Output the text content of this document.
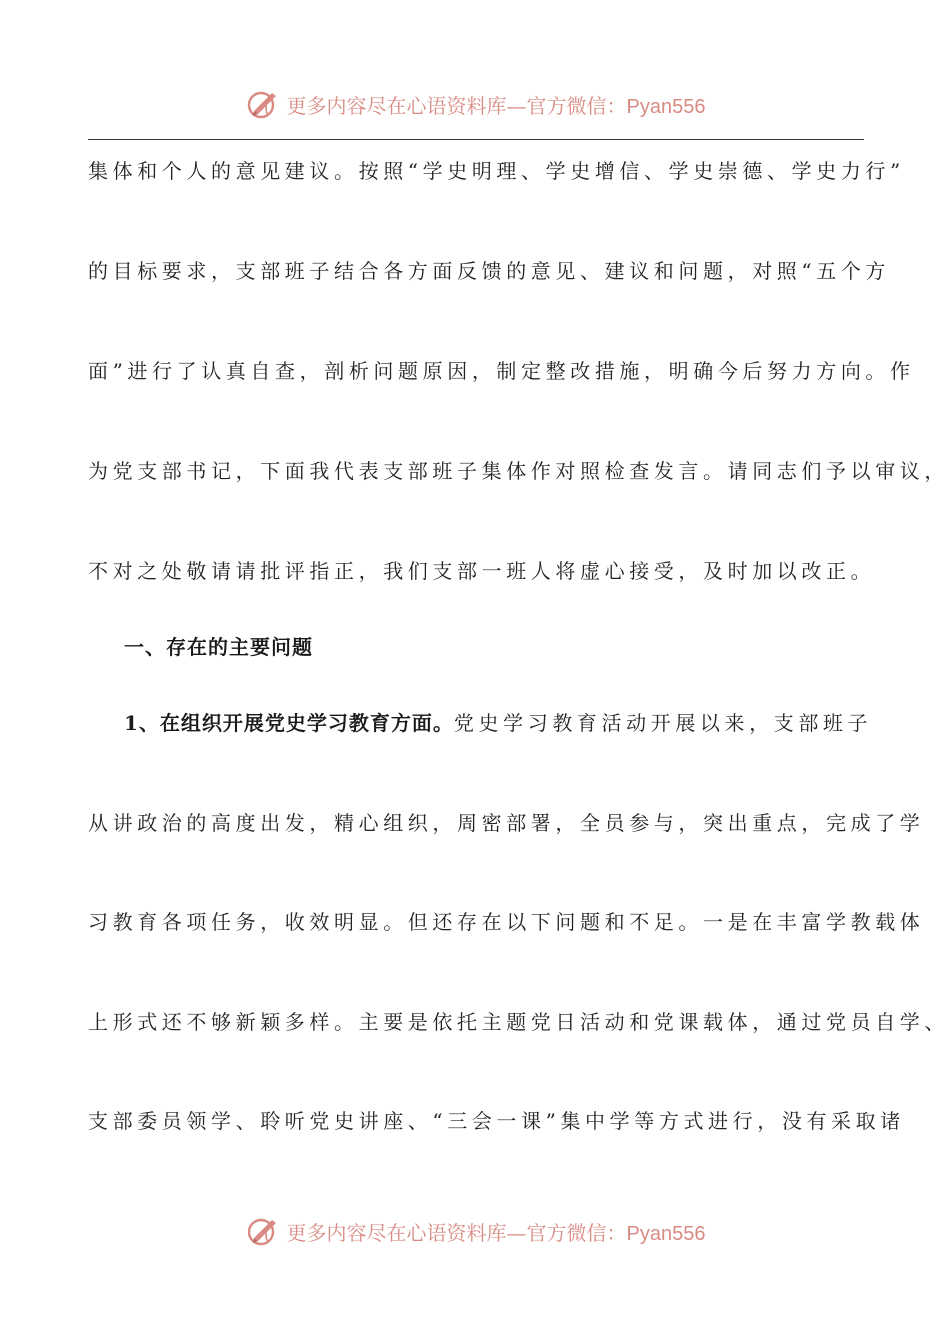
更多内容尽在心语资料库—官方微信：Pyan556
集体和个人的意见建议。按照“学史明理、学史增信、学史崇德、学史力行”
的目标要求，支部班子结合各方面反馈的意见、建议和问题，对照“五个方
面”进行了认真自查，剖析问题原因，制定整改措施，明确今后努力方向。作
为党支部书记，下面我代表支部班子集体作对照检查发言。请同志们予以审议，
不对之处敬请请批评指正，我们支部一班人将虚心接受，及时加以改正。
一、存在的主要问题
1、在组织开展党史学习教育方面。党史学习教育活动开展以来，支部班子
从讲政治的高度出发，精心组织，周密部署，全员参与，突出重点，完成了学
习教育各项任务，收效明显。但还存在以下问题和不足。一是在丰富学教载体
上形式还不够新颖多样。主要是依托主题党日活动和党课载体，通过党员自学、
支部委员领学、聆听党史讲座、“三会一课”集中学等方式进行，没有采取诸
更多内容尽在心语资料库—官方微信：Pyan556
